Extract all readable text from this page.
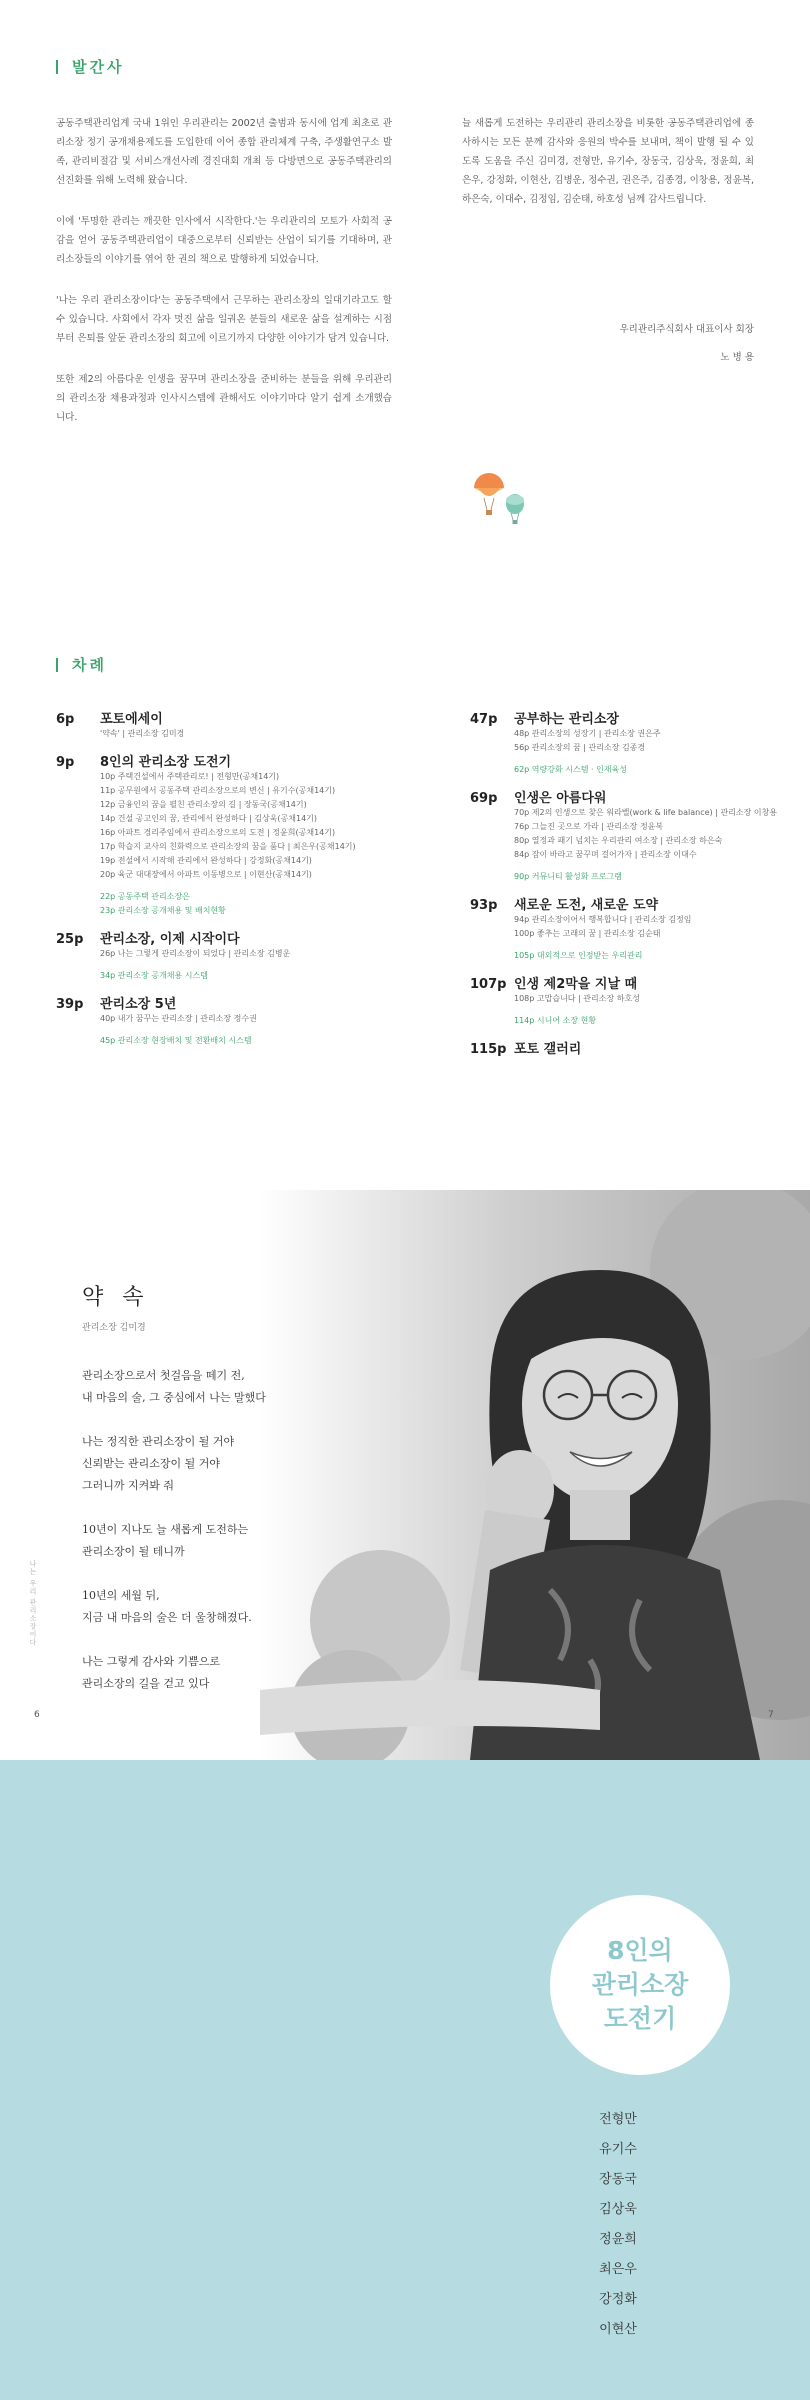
발간사

공동주택관리업계 국내 1위인 우리관리는 2002년 출범과 동시에 업계 최초로 관리소장 정기 공개채용제도를 도입한데 이어 종합 관리체계 구축, 주생활연구소 발족, 관리비절감 및 서비스개선사례 경진대회 개최 등 다방면으로 공동주택관리의 선진화를 위해 노력해 왔습니다.

이에 '투명한 관리는 깨끗한 인사에서 시작한다.'는 우리관리의 모토가 사회적 공감을 얻어 공동주택관리업이 대중으로부터 신뢰받는 산업이 되기를 기대하며, 관리소장들의 이야기를 엮어 한 권의 책으로 발행하게 되었습니다.

'나는 우리 관리소장이다'는 공동주택에서 근무하는 관리소장의 일대기라고도 할 수 있습니다. 사회에서 각자 멋진 삶을 일궈온 분들의 새로운 삶을 설계하는 시점부터 은퇴를 앞둔 관리소장의 회고에 이르기까지 다양한 이야기가 담겨 있습니다.

또한 제2의 아름다운 인생을 꿈꾸며 관리소장을 준비하는 분들을 위해 우리관리의 관리소장 채용과정과 인사시스템에 관해서도 이야기마다 알기 쉽게 소개했습니다.

늘 새롭게 도전하는 우리관리 관리소장을 비롯한 공동주택관리업에 종사하시는 모든 분께 감사와 응원의 박수를 보내며, 책이 발행 될 수 있도록 도움을 주신 김미경, 전형만, 유기수, 장동국, 김상욱, 정윤희, 최은우, 강정화, 이현산, 김병운, 정수권, 권은주, 김종경, 이창용, 정윤복, 하은숙, 이대수, 김정임, 김순태, 하호성 님께 감사드립니다.

우리관리주식회사 대표이사 회장
노 병 용
차례
6p	포토에세이
'약속' | 관리소장 김미경
9p	8인의 관리소장 도전기
10p 주택건설에서 주택관리로! | 전형만(공채14기)
11p 공무원에서 공동주택 관리소장으로의 변신 | 유기수(공채14기)
12p 금융인의 꿈을 펼친 관리소장의 길 | 장동국(공채14기)
14p 건설 공고인의 꿈, 관리에서 완성하다 | 김상욱(공채14기)
16p 아파트 경리주임에서 관리소장으로의 도전 | 정윤희(공채14기)
17p 학습지 교사의 친화력으로 관리소장의 꿈을 품다 | 최은우(공채14기)
19p 전설에서 시작해 관리에서 완성하다 | 강정화(공채14기)
20p 육군 대대장에서 아파트 이동병으로 | 이현산(공채14기)
22p 공동주택 관리소장은
23p 관리소장 공개채용 및 배치현황
25p	관리소장, 이제 시작이다
26p 나는 그렇게 관리소장이 되었다 | 관리소장 김병운
34p 관리소장 공개채용 시스템
39p	관리소장 5년
40p 내가 꿈꾸는 관리소장 | 관리소장 정수권
45p 관리소장 현장배치 및 전환배치 시스템
47p	공부하는 관리소장
48p 관리소장의 성장기 | 관리소장 권은주
56p 관리소장의 꿈 | 관리소장 김종경
62p 역량강화 시스템 · 인재육성
69p	인생은 아름다워
70p 제2의 인생으로 찾은 워라밸(work & life balance) | 관리소장 이창용
76p 그늘진 곳으로 가라 | 관리소장 정윤복
80p 열정과 패기 넘치는 우리관리 여소장 | 관리소장 하은숙
84p 잠이 바라고 꿈꾸며 걸어가자 | 관리소장 이대수
90p 커뮤니티 활성화 프로그램
93p	새로운 도전, 새로운 도약
94p 관리소장이어서 행복합니다 | 관리소장 김정임
100p 좋추는 고래의 꿈 | 관리소장 김순태
105p 대외적으로 인정받는 우리관리
107p 인생 제2막을 지날 때
108p 고맙습니다 | 관리소장 하호성
114p 시니어 소장 현황
115p 포토 갤러리
약 속
관리소장 김미경

관리소장으로서 첫걸음을 떼기 전,
내 마음의 술, 그 중심에서 나는 말했다

나는 정직한 관리소장이 될 거야
신뢰받는 관리소장이 될 거야
그러니까 지켜봐 줘

10년이 지나도 늘 새롭게 도전하는
관리소장이 될 테니까

10년의 세월 뒤,
지금 내 마음의 술은 더 울창해졌다.

나는 그렇게 감사와 기쁨으로
관리소장의 길을 걷고 있다

나는 우리 관리소장이다
6	7
8인의
관리소장
도전기
전형만
유기수
장동국
김상욱
정윤희
최은우
강정화
이현산
